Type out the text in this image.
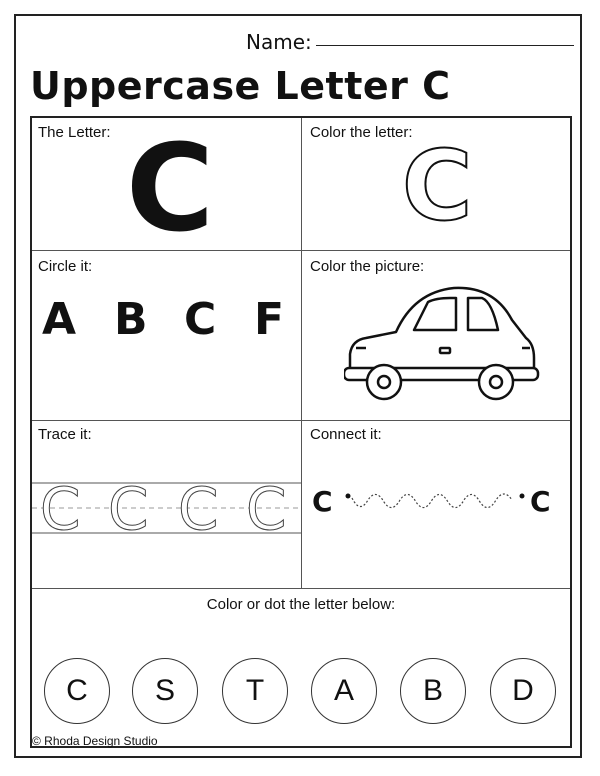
Name:
Uppercase Letter C
The Letter: C	Color the letter:
C
Circle it:
A B C F
Color the picture:
Trace it:
C C C C
Connect it:
C	C
Color or dot the letter below:
C	S	T	A	B	D
© Rhoda Design Studio
